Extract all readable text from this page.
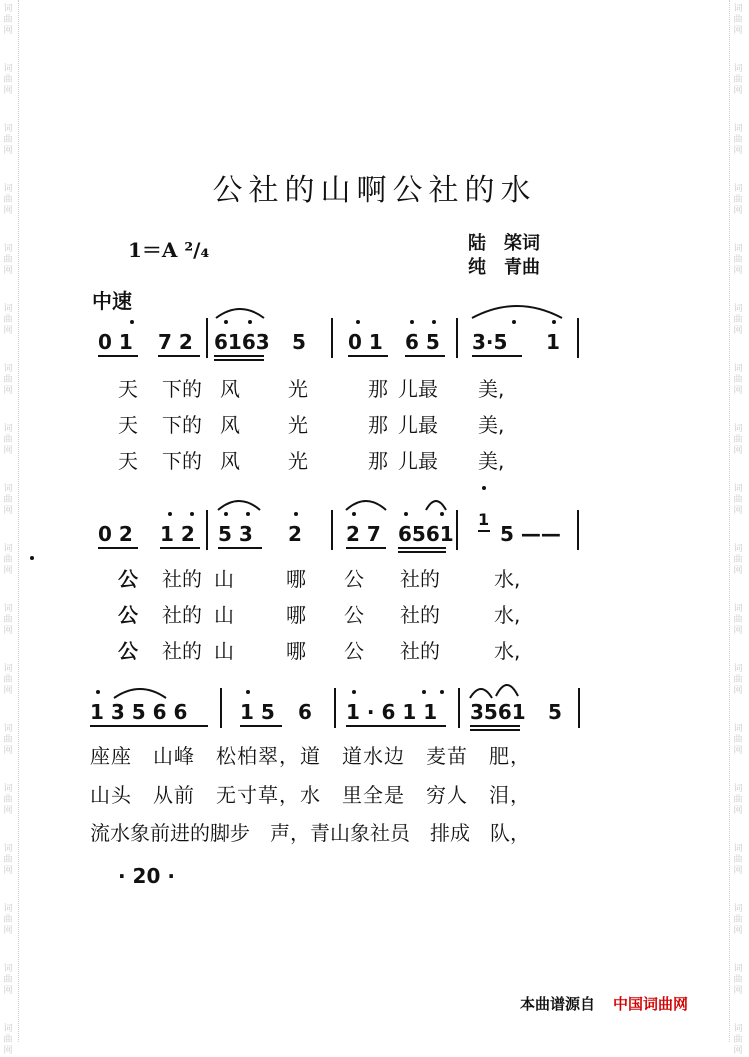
词曲网
词曲网
词曲网
词曲网
词曲网
词曲网
词曲网
词曲网
词曲网
词曲网
词曲网
词曲网
词曲网
词曲网
词曲网
词曲网
词曲网
词曲网
词曲网
词曲网
词曲网
词曲网
词曲网
词曲网
词曲网
词曲网
词曲网
词曲网
词曲网
词曲网
词曲网
词曲网
词曲网
词曲网
词曲网
词曲网
公社的山啊公社的水
1＝A ²/₄	陆　棨词
纯　青曲
中速
0 1 7 2 6163 5 0 1 6 5 3·5 1
天 下的 风 光	那 儿最 美,
天 下的 风 光	那 儿最 美,
天 下的 风 光	那 儿最 美,
0 2 1 2 5 3 2 2 7 6561
1
5 ——
公 社的 山	哪 公 社的	水,
公 社的 山	哪 公 社的	水,
公 社的 山	哪 公 社的	水,
1 3 5 6 6	1 5 6 1 · 6 1 1 3561 5
座座　山峰　松柏翠，道　道水边　麦苗　肥，
山头　从前　无寸草，水　里全是　穷人　泪，
流水象前进的脚步　声，青山象社员　排成　队，
· 20 ·
本曲谱源自 中国词曲网
